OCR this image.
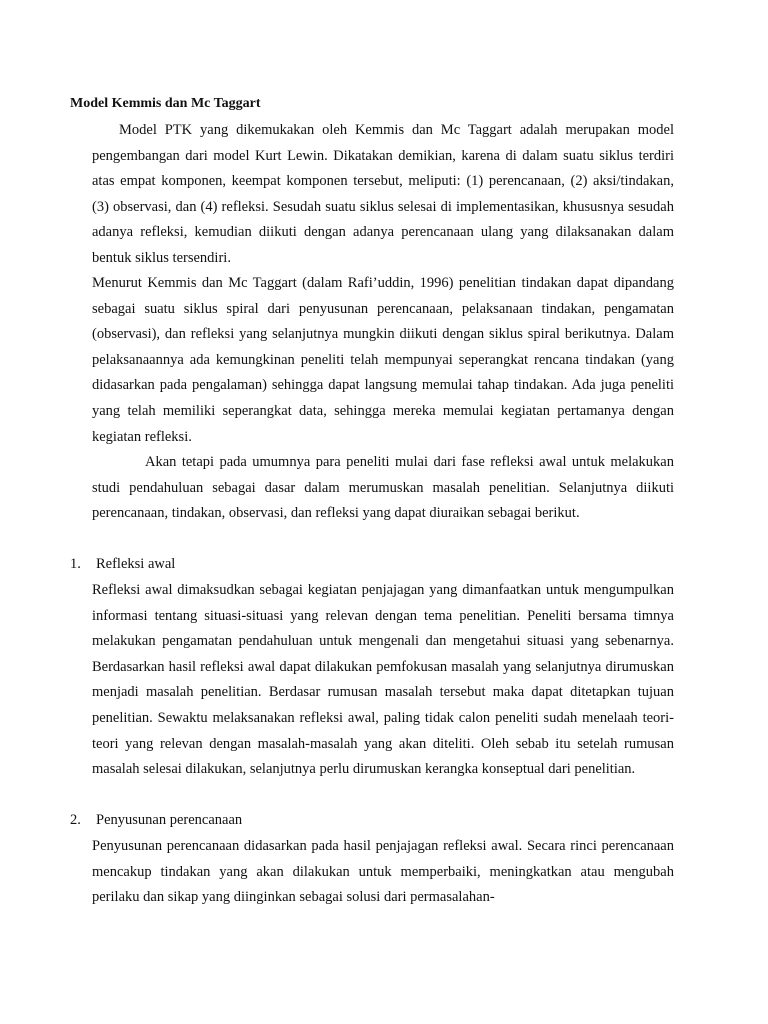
Model Kemmis dan Mc Taggart

Model PTK yang dikemukakan oleh Kemmis dan Mc Taggart adalah merupakan model pengembangan dari model Kurt Lewin. Dikatakan demikian, karena di dalam suatu siklus terdiri atas empat komponen, keempat komponen tersebut, meliputi: (1) perencanaan, (2) aksi/tindakan, (3) observasi, dan (4) refleksi. Sesudah suatu siklus selesai di implementasikan, khususnya sesudah adanya refleksi, kemudian diikuti dengan adanya perencanaan ulang yang dilaksanakan dalam bentuk siklus tersendiri.

Menurut Kemmis dan Mc Taggart (dalam Rafi’uddin, 1996) penelitian tindakan dapat dipandang sebagai suatu siklus spiral dari penyusunan perencanaan, pelaksanaan tindakan, pengamatan (observasi), dan refleksi yang selanjutnya mungkin diikuti dengan siklus spiral berikutnya. Dalam pelaksanaannya ada kemungkinan peneliti telah mempunyai seperangkat rencana tindakan (yang didasarkan pada pengalaman) sehingga dapat langsung memulai tahap tindakan. Ada juga peneliti yang telah memiliki seperangkat data, sehingga mereka memulai kegiatan pertamanya dengan kegiatan refleksi.

Akan tetapi pada umumnya para peneliti mulai dari fase refleksi awal untuk melakukan studi pendahuluan sebagai dasar dalam merumuskan masalah penelitian. Selanjutnya diikuti perencanaan, tindakan, observasi, dan refleksi yang dapat diuraikan sebagai berikut.

1. Refleksi awal

Refleksi awal dimaksudkan sebagai kegiatan penjajagan yang dimanfaatkan untuk mengumpulkan informasi tentang situasi-situasi yang relevan dengan tema penelitian. Peneliti bersama timnya melakukan pengamatan pendahuluan untuk mengenali dan mengetahui situasi yang sebenarnya. Berdasarkan hasil refleksi awal dapat dilakukan pemfokusan masalah yang selanjutnya dirumuskan menjadi masalah penelitian. Berdasar rumusan masalah tersebut maka dapat ditetapkan tujuan penelitian. Sewaktu melaksanakan refleksi awal, paling tidak calon peneliti sudah menelaah teori-teori yang relevan dengan masalah-masalah yang akan diteliti. Oleh sebab itu setelah rumusan masalah selesai dilakukan, selanjutnya perlu dirumuskan kerangka konseptual dari penelitian.

2. Penyusunan perencanaan

Penyusunan perencanaan didasarkan pada hasil penjajagan refleksi awal. Secara rinci perencanaan mencakup tindakan yang akan dilakukan untuk memperbaiki, meningkatkan atau mengubah perilaku dan sikap yang diinginkan sebagai solusi dari permasalahan-
